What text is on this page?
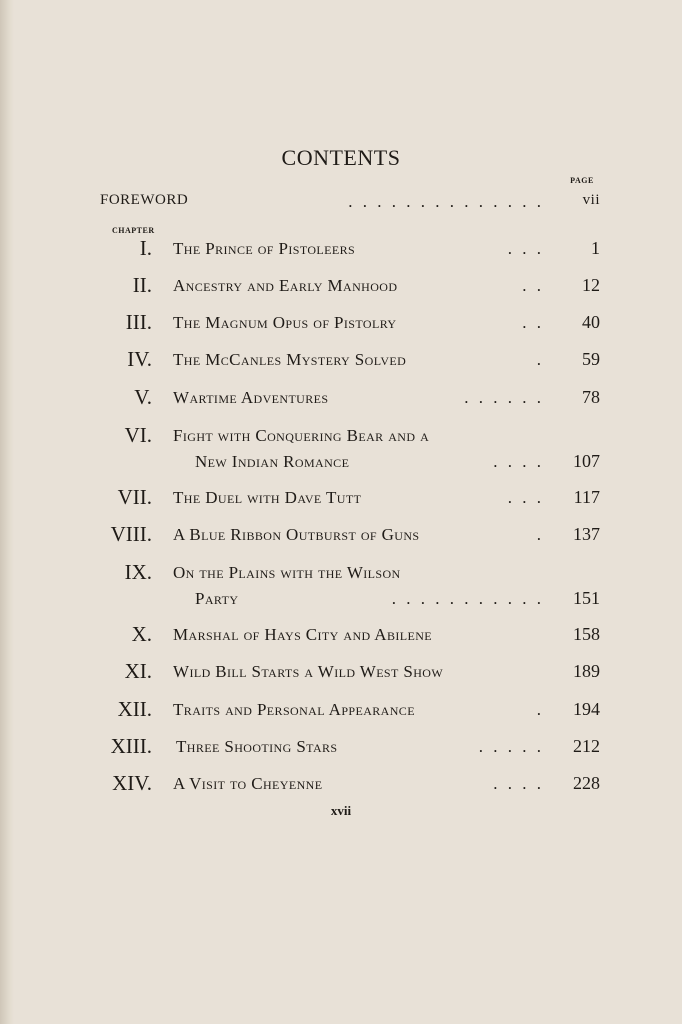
CONTENTS
PAGE
FOREWORD	. . . . . . . . . . . . . .	vii
CHAPTER
I. The Prince of Pistoleers	. . .	1
II. Ancestry and Early Manhood	. . 12
III. The Magnum Opus of Pistolry	. . 40
IV. The McCanles Mystery Solved	. 59
V. Wartime Adventures	. . . . . . 78
VI. Fight with Conquering Bear and a
New Indian Romance	. . . . 107
VII. The Duel with Dave Tutt	. . . 117
VIII. A Blue Ribbon Outburst of Guns	. 137
IX. On the Plains with the Wilson
Party	. . . . . . . . . . . 151
X. Marshal of Hays City and Abilene	158
XI. Wild Bill Starts a Wild West Show	189
XII. Traits and Personal Appearance	. 194
XIII. Three Shooting Stars	. . . . . 212
XIV. A Visit to Cheyenne	. . . . 228
xvii
